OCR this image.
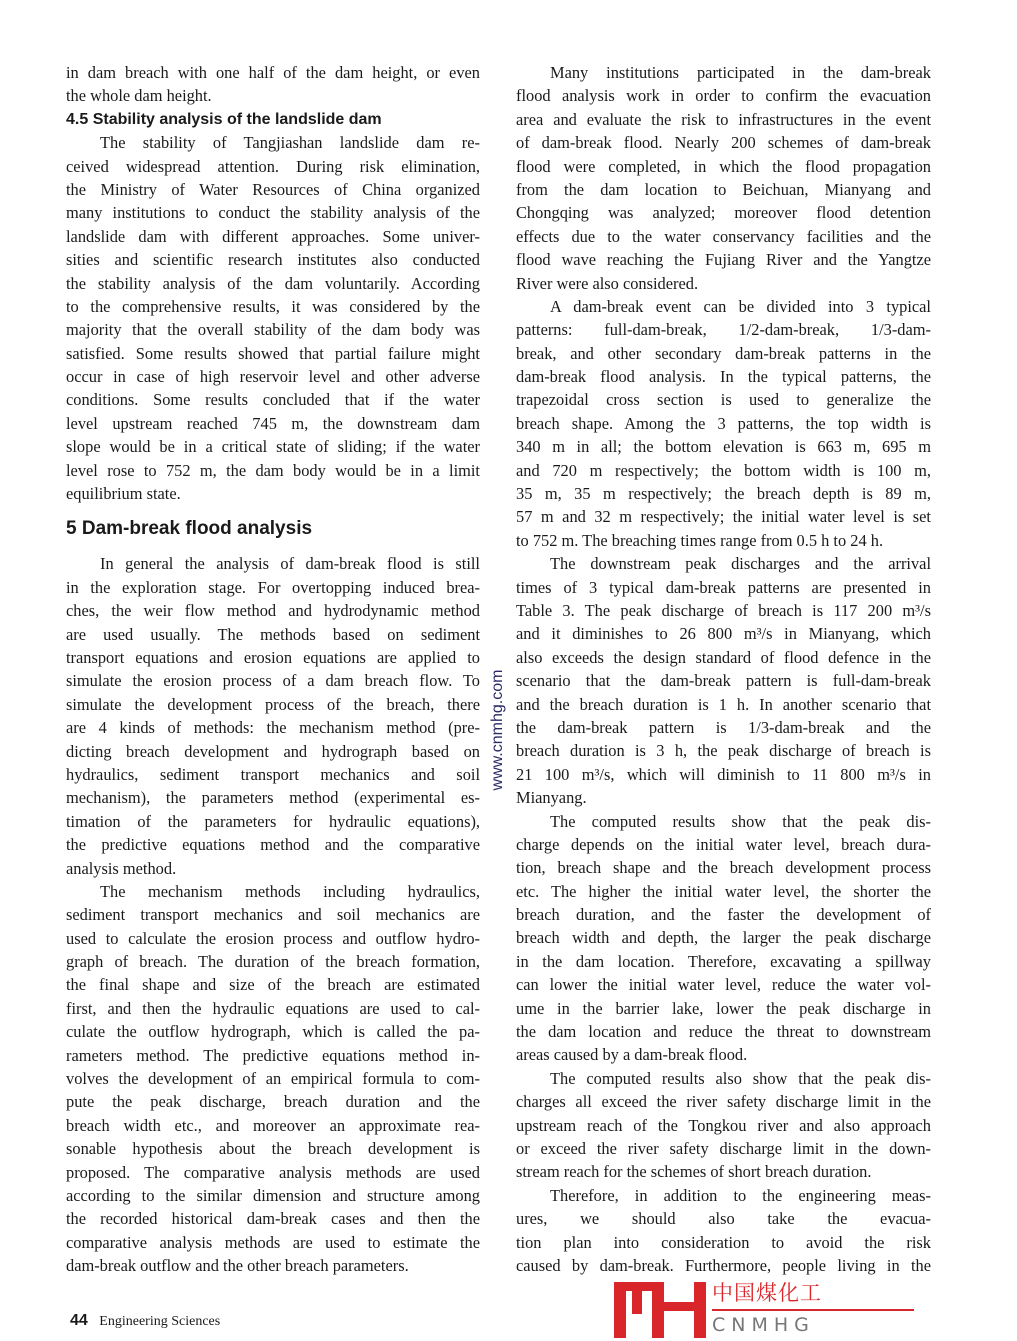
in dam breach with one half of the dam height, or even
the whole dam height.
4.5 Stability analysis of the landslide dam
The stability of Tangjiashan landslide dam re-
ceived widespread attention. During risk elimination,
the Ministry of Water Resources of China organized
many institutions to conduct the stability analysis of the
landslide dam with different approaches. Some univer-
sities and scientific research institutes also conducted
the stability analysis of the dam voluntarily. According
to the comprehensive results, it was considered by the
majority that the overall stability of the dam body was
satisfied. Some results showed that partial failure might
occur in case of high reservoir level and other adverse
conditions. Some results concluded that if the water
level upstream reached 745 m, the downstream dam
slope would be in a critical state of sliding; if the water
level rose to 752 m, the dam body would be in a limit
equilibrium state.
5 Dam-break flood analysis
In general the analysis of dam-break flood is still
in the exploration stage. For overtopping induced brea-
ches, the weir flow method and hydrodynamic method
are used usually. The methods based on sediment
transport equations and erosion equations are applied to
simulate the erosion process of a dam breach flow. To
simulate the development process of the breach, there
are 4 kinds of methods: the mechanism method (pre-
dicting breach development and hydrograph based on
hydraulics, sediment transport mechanics and soil
mechanism), the parameters method (experimental es-
timation of the parameters for hydraulic equations),
the predictive equations method and the comparative
analysis method.
The mechanism methods including hydraulics,
sediment transport mechanics and soil mechanics are
used to calculate the erosion process and outflow hydro-
graph of breach. The duration of the breach formation,
the final shape and size of the breach are estimated
first, and then the hydraulic equations are used to cal-
culate the outflow hydrograph, which is called the pa-
rameters method. The predictive equations method in-
volves the development of an empirical formula to com-
pute the peak discharge, breach duration and the
breach width etc., and moreover an approximate rea-
sonable hypothesis about the breach development is
proposed. The comparative analysis methods are used
according to the similar dimension and structure among
the recorded historical dam-break cases and then the
comparative analysis methods are used to estimate the
dam-break outflow and the other breach parameters.
Many institutions participated in the dam-break
flood analysis work in order to confirm the evacuation
area and evaluate the risk to infrastructures in the event
of dam-break flood. Nearly 200 schemes of dam-break
flood were completed, in which the flood propagation
from the dam location to Beichuan, Mianyang and
Chongqing was analyzed; moreover flood detention
effects due to the water conservancy facilities and the
flood wave reaching the Fujiang River and the Yangtze
River were also considered.
A dam-break event can be divided into 3 typical
patterns: full-dam-break, 1/2-dam-break, 1/3-dam-
break, and other secondary dam-break patterns in the
dam-break flood analysis. In the typical patterns, the
trapezoidal cross section is used to generalize the
breach shape. Among the 3 patterns, the top width is
340 m in all; the bottom elevation is 663 m, 695 m
and 720 m respectively; the bottom width is 100 m,
35 m, 35 m respectively; the breach depth is 89 m,
57 m and 32 m respectively; the initial water level is set
to 752 m. The breaching times range from 0.5 h to 24 h.
The downstream peak discharges and the arrival
times of 3 typical dam-break patterns are presented in
Table 3. The peak discharge of breach is 117 200 m³/s
and it diminishes to 26 800 m³/s in Mianyang, which
also exceeds the design standard of flood defence in the
scenario that the dam-break pattern is full-dam-break
and the breach duration is 1 h. In another scenario that
the dam-break pattern is 1/3-dam-break and the
breach duration is 3 h, the peak discharge of breach is
21 100 m³/s, which will diminish to 11 800 m³/s in
Mianyang.
The computed results show that the peak dis-
charge depends on the initial water level, breach dura-
tion, breach shape and the breach development process
etc. The higher the initial water level, the shorter the
breach duration, and the faster the development of
breach width and depth, the larger the peak discharge
in the dam location. Therefore, excavating a spillway
can lower the initial water level, reduce the water vol-
ume in the barrier lake, lower the peak discharge in
the dam location and reduce the threat to downstream
areas caused by a dam-break flood.
The computed results also show that the peak dis-
charges all exceed the river safety discharge limit in the
upstream reach of the Tongkou river and also approach
or exceed the river safety discharge limit in the down-
stream reach for the schemes of short breach duration.
Therefore, in addition to the engineering meas-
ures, we should also take the evacua-
tion plan into consideration to avoid the risk
caused by dam-break. Furthermore, people living in the
44 Engineering Sciences
www.cnmhg.com
中国煤化工
CNMHG
